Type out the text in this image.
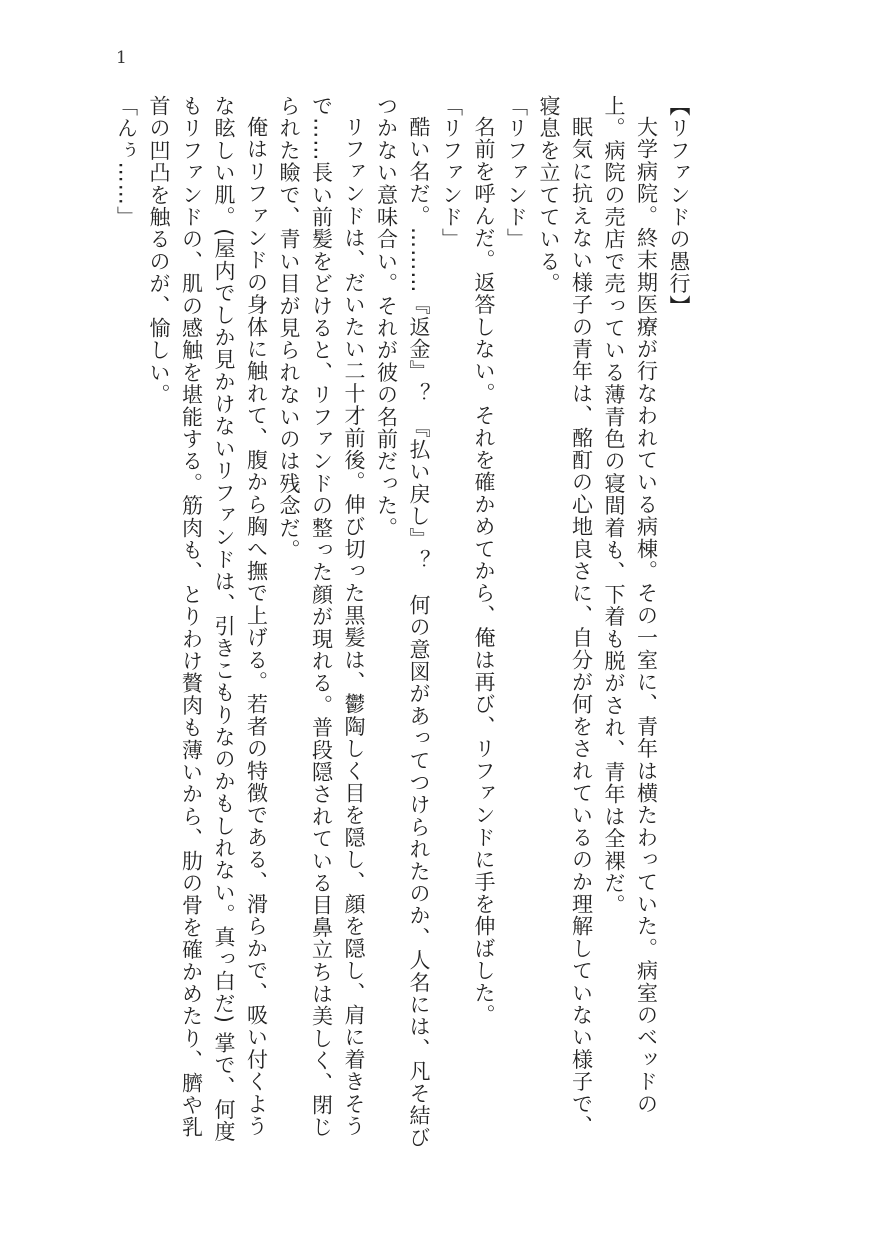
1

【リファンドの愚行】

大学病院。終末期医療が行なわれている病棟。その一室に、青年は横たわっていた。病室のベッドの上。病院の売店で売っている薄青色の寝間着も、下着も脱がされ、青年は全裸だ。

眠気に抗えない様子の青年は、酩酊の心地良さに、自分が何をされているのか理解していない様子で、寝息を立てている。

「リファンド」

名前を呼んだ。返答しない。それを確かめてから、俺は再び、リファンドに手を伸ばした。

「リファンド」

酷い名だ。………『返金』？　『払い戻し』？　何の意図があってつけられたのか、人名には、凡そ結びつかない意味合い。それが彼の名前だった。

リファンドは、だいたい二十才前後。伸び切った黒髪は、鬱陶しく目を隠し、顔を隠し、肩に着きそうで……長い前髪をどけると、リファンドの整った顔が現れる。普段隠されている目鼻立ちは美しく、閉じられた瞼で、青い目が見られないのは残念だ。

俺はリファンドの身体に触れて、腹から胸へ撫で上げる。若者の特徴である、滑らかで、吸い付くような眩しい肌。(屋内でしか見かけないリファンドは、引きこもりなのかもしれない。真っ白だ) 掌で、何度もリファンドの、肌の感触を堪能する。筋肉も、とりわけ贅肉も薄いから、肋の骨を確かめたり、臍や乳首の凹凸を触るのが、愉しい。

「んぅ……」
